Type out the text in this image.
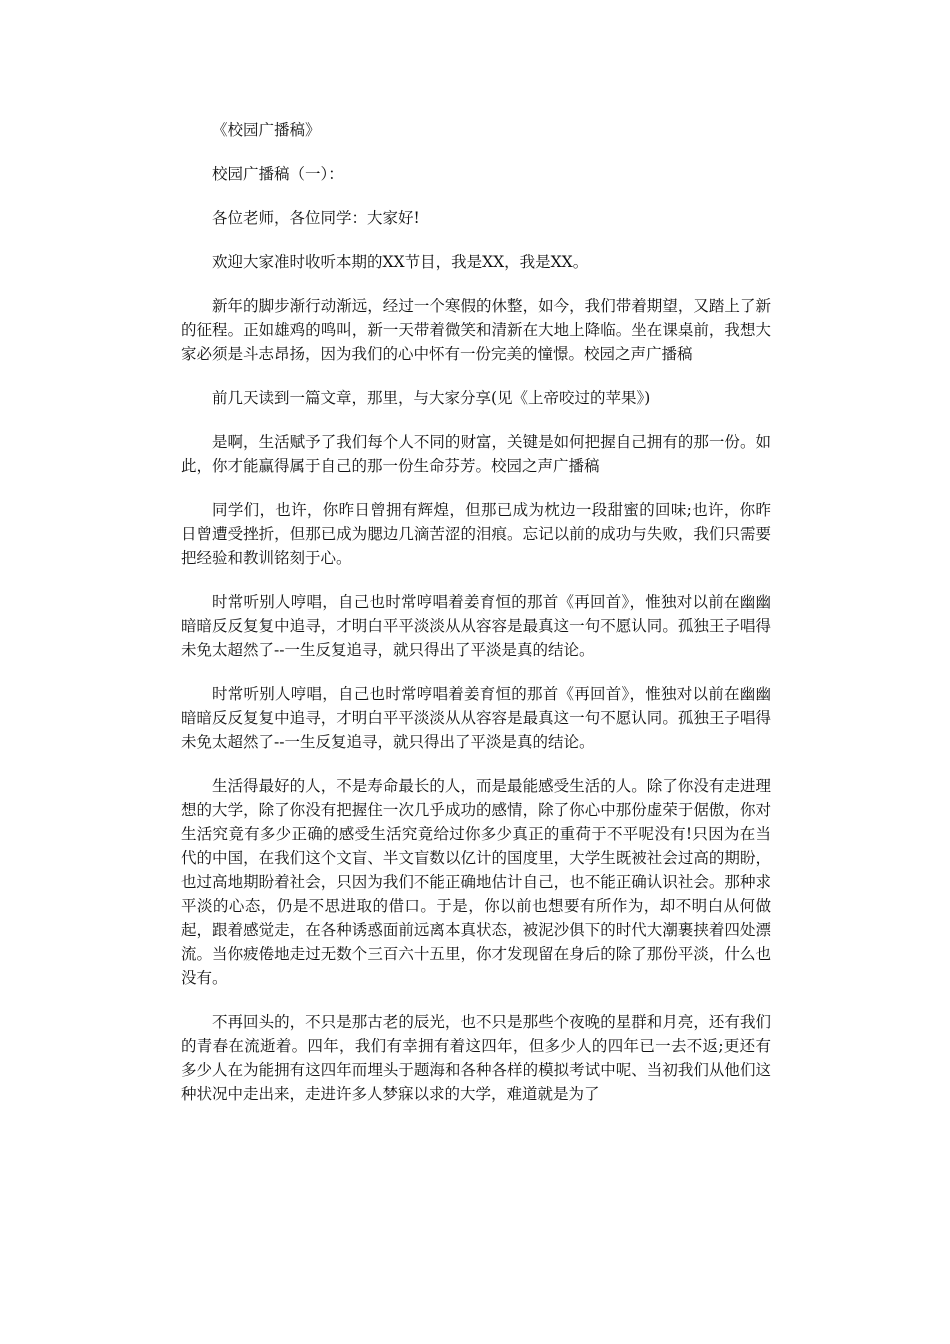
《校园广播稿》

校园广播稿（一）：

各位老师，各位同学：大家好!

欢迎大家准时收听本期的XX节目，我是XX，我是XX。

新年的脚步渐行动渐远，经过一个寒假的休整，如今，我们带着期望，又踏上了新的征程。正如雄鸡的鸣叫，新一天带着微笑和清新在大地上降临。坐在课桌前，我想大家必须是斗志昂扬，因为我们的心中怀有一份完美的憧憬。校园之声广播稿

前几天读到一篇文章，那里，与大家分享(见《上帝咬过的苹果》)

是啊，生活赋予了我们每个人不同的财富，关键是如何把握自己拥有的那一份。如此，你才能赢得属于自己的那一份生命芬芳。校园之声广播稿

同学们，也许，你昨日曾拥有辉煌，但那已成为枕边一段甜蜜的回味;也许，你昨日曾遭受挫折，但那已成为腮边几滴苦涩的泪痕。忘记以前的成功与失败，我们只需要把经验和教训铭刻于心。

时常听别人哼唱，自己也时常哼唱着姜育恒的那首《再回首》，惟独对以前在幽幽暗暗反反复复中追寻，才明白平平淡淡从从容容是最真这一句不愿认同。孤独王子唱得未免太超然了--一生反复追寻，就只得出了平淡是真的结论。

时常听别人哼唱，自己也时常哼唱着姜育恒的那首《再回首》，惟独对以前在幽幽暗暗反反复复中追寻，才明白平平淡淡从从容容是最真这一句不愿认同。孤独王子唱得未免太超然了--一生反复追寻，就只得出了平淡是真的结论。

生活得最好的人，不是寿命最长的人，而是最能感受生活的人。除了你没有走进理想的大学，除了你没有把握住一次几乎成功的感情，除了你心中那份虚荣于倨傲，你对生活究竟有多少正确的感受生活究竟给过你多少真正的重荷于不平呢没有!只因为在当代的中国，在我们这个文盲、半文盲数以亿计的国度里，大学生既被社会过高的期盼，也过高地期盼着社会，只因为我们不能正确地估计自己，也不能正确认识社会。那种求平淡的心态，仍是不思进取的借口。于是，你以前也想要有所作为，却不明白从何做起，跟着感觉走，在各种诱惑面前远离本真状态，被泥沙俱下的时代大潮裹挟着四处漂流。当你疲倦地走过无数个三百六十五里，你才发现留在身后的除了那份平淡，什么也没有。

不再回头的，不只是那古老的辰光，也不只是那些个夜晚的星群和月亮，还有我们的青春在流逝着。四年，我们有幸拥有着这四年，但多少人的四年已一去不返;更还有多少人在为能拥有这四年而埋头于题海和各种各样的模拟考试中呢、当初我们从他们这种状况中走出来，走进许多人梦寐以求的大学，难道就是为了
